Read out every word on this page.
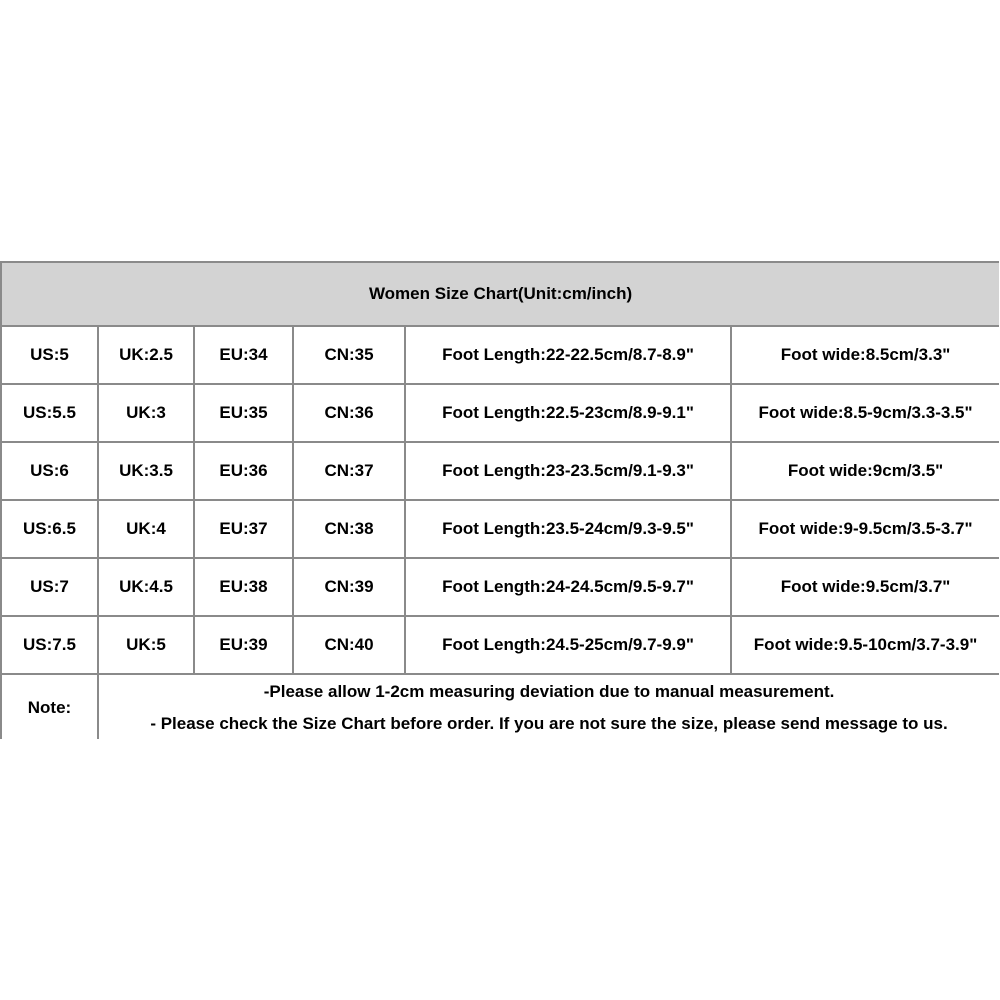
Women Size Chart(Unit:cm/inch)					
US:5	UK:2.5	EU:34	CN:35	Foot Length:22-22.5cm/8.7-8.9"	Foot wide:8.5cm/3.3"
US:5.5	UK:3	EU:35	CN:36	Foot Length:22.5-23cm/8.9-9.1"	Foot wide:8.5-9cm/3.3-3.5"
US:6	UK:3.5	EU:36	CN:37	Foot Length:23-23.5cm/9.1-9.3"	Foot wide:9cm/3.5"
US:6.5	UK:4	EU:37	CN:38	Foot Length:23.5-24cm/9.3-9.5"	Foot wide:9-9.5cm/3.5-3.7"
US:7	UK:4.5	EU:38	CN:39	Foot Length:24-24.5cm/9.5-9.7"	Foot wide:9.5cm/3.7"
US:7.5	UK:5	EU:39	CN:40	Foot Length:24.5-25cm/9.7-9.9"	Foot wide:9.5-10cm/3.7-3.9"
Note:	-Please allow 1-2cm measuring deviation due to manual measurement.
- Please check the Size Chart before order. If you are not sure the size, please send message to us.				
